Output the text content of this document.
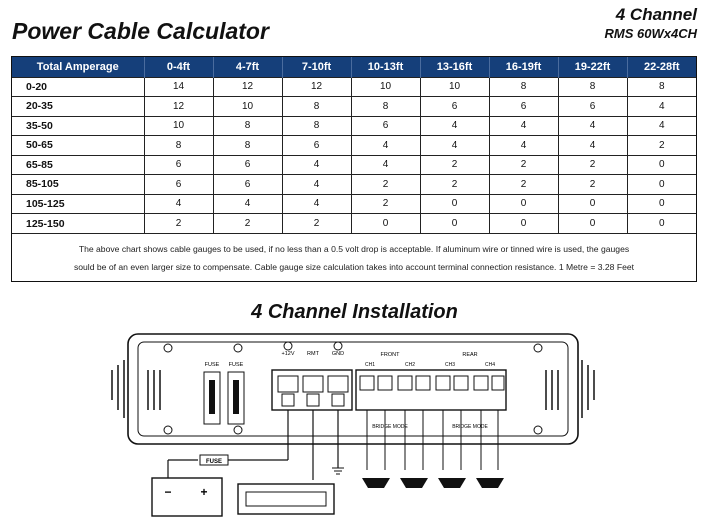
Power Cable Calculator
4 Channel
RMS 60Wx4CH
Total Amperage	0-4ft	4-7ft	7-10ft	10-13ft	13-16ft	16-19ft	19-22ft	22-28ft
0-20	14	12	12	10	10	8	8	8
20-35	12	10	8	8	6	6	6	4
35-50	10	8	8	6	4	4	4	4
50-65	8	8	6	4	4	4	4	2
65-85	6	6	4	4	2	2	2	0
85-105	6	6	4	2	2	2	2	0
105-125	4	4	4	2	0	0	0	0
125-150	2	2	2	0	0	0	0	0
The above chart shows cable gauges to be used, if no less than a 0.5 volt drop is acceptable. If aluminum wire or tinned wire is used, the gauges
sould be of an even larger size to compensate. Cable gauge size calculation takes into account terminal connection resistance. 1 Metre = 3.28 Feet
4 Channel Installation
FUSE FUSE
+12V RMT GND	FRONT	REAR
CH1	CH2	CH3	CH4
BRIDGE MODE	BRIDGE MODE
FUSE
− +
